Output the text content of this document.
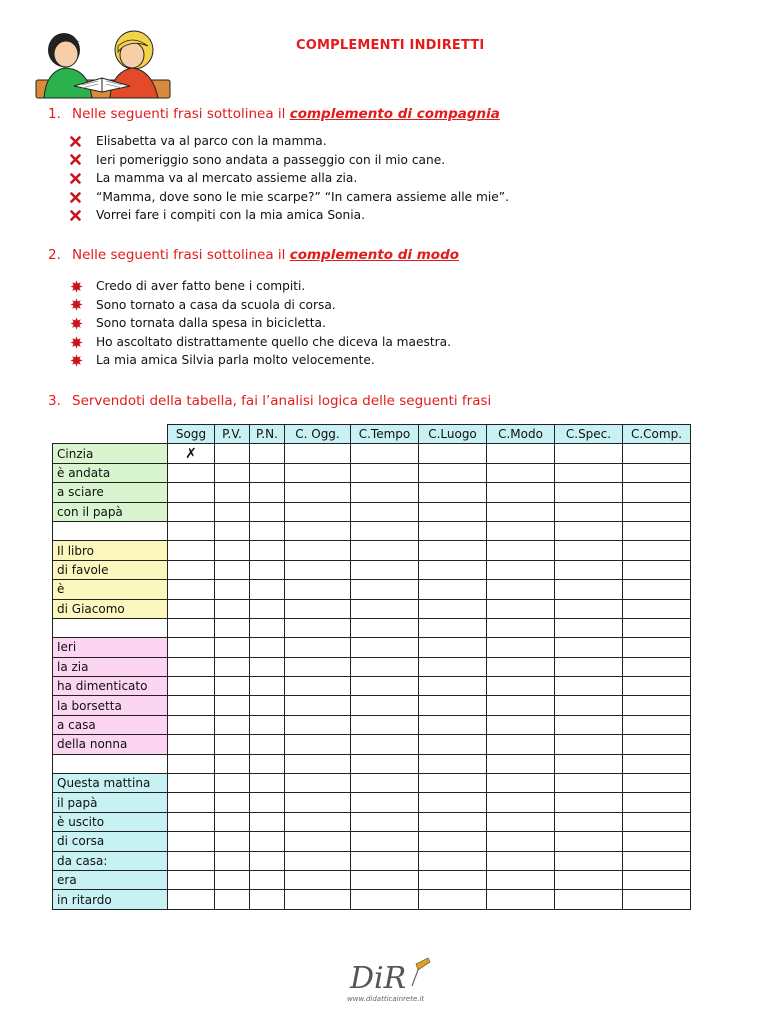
COMPLEMENTI INDIRETTI
1. Nelle seguenti frasi sottolinea il complemento di compagnia
Elisabetta va al parco con la mamma.
Ieri pomeriggio sono andata a passeggio con il mio cane.
La mamma va al mercato assieme alla zia.
“Mamma, dove sono le mie scarpe?” “In camera assieme alle mie”.
Vorrei fare i compiti con la mia amica Sonia.
2. Nelle seguenti frasi sottolinea il complemento di modo
Credo di aver fatto bene i compiti.
Sono tornato a casa da scuola di corsa.
Sono tornata dalla spesa in bicicletta.
Ho ascoltato distrattamente quello che diceva la maestra.
La mia amica Silvia parla molto velocemente.
3. Servendoti della tabella, fai l’analisi logica delle seguenti frasi
	Sogg	P.V.	P.N.	C. Ogg.	C.Tempo	C.Luogo	C.Modo	C.Spec.	C.Comp.
Cinzia	✗								
è andata									
a sciare									
con il papà									

Il libro									
di favole									
è									
di Giacomo									

Ieri									
la zia									
ha dimenticato									
la borsetta									
a casa									
della nonna									

Questa mattina									
il papà									
è uscito									
di corsa									
da casa:									
era									
in ritardo									
DiR
www.didatticainrete.it
